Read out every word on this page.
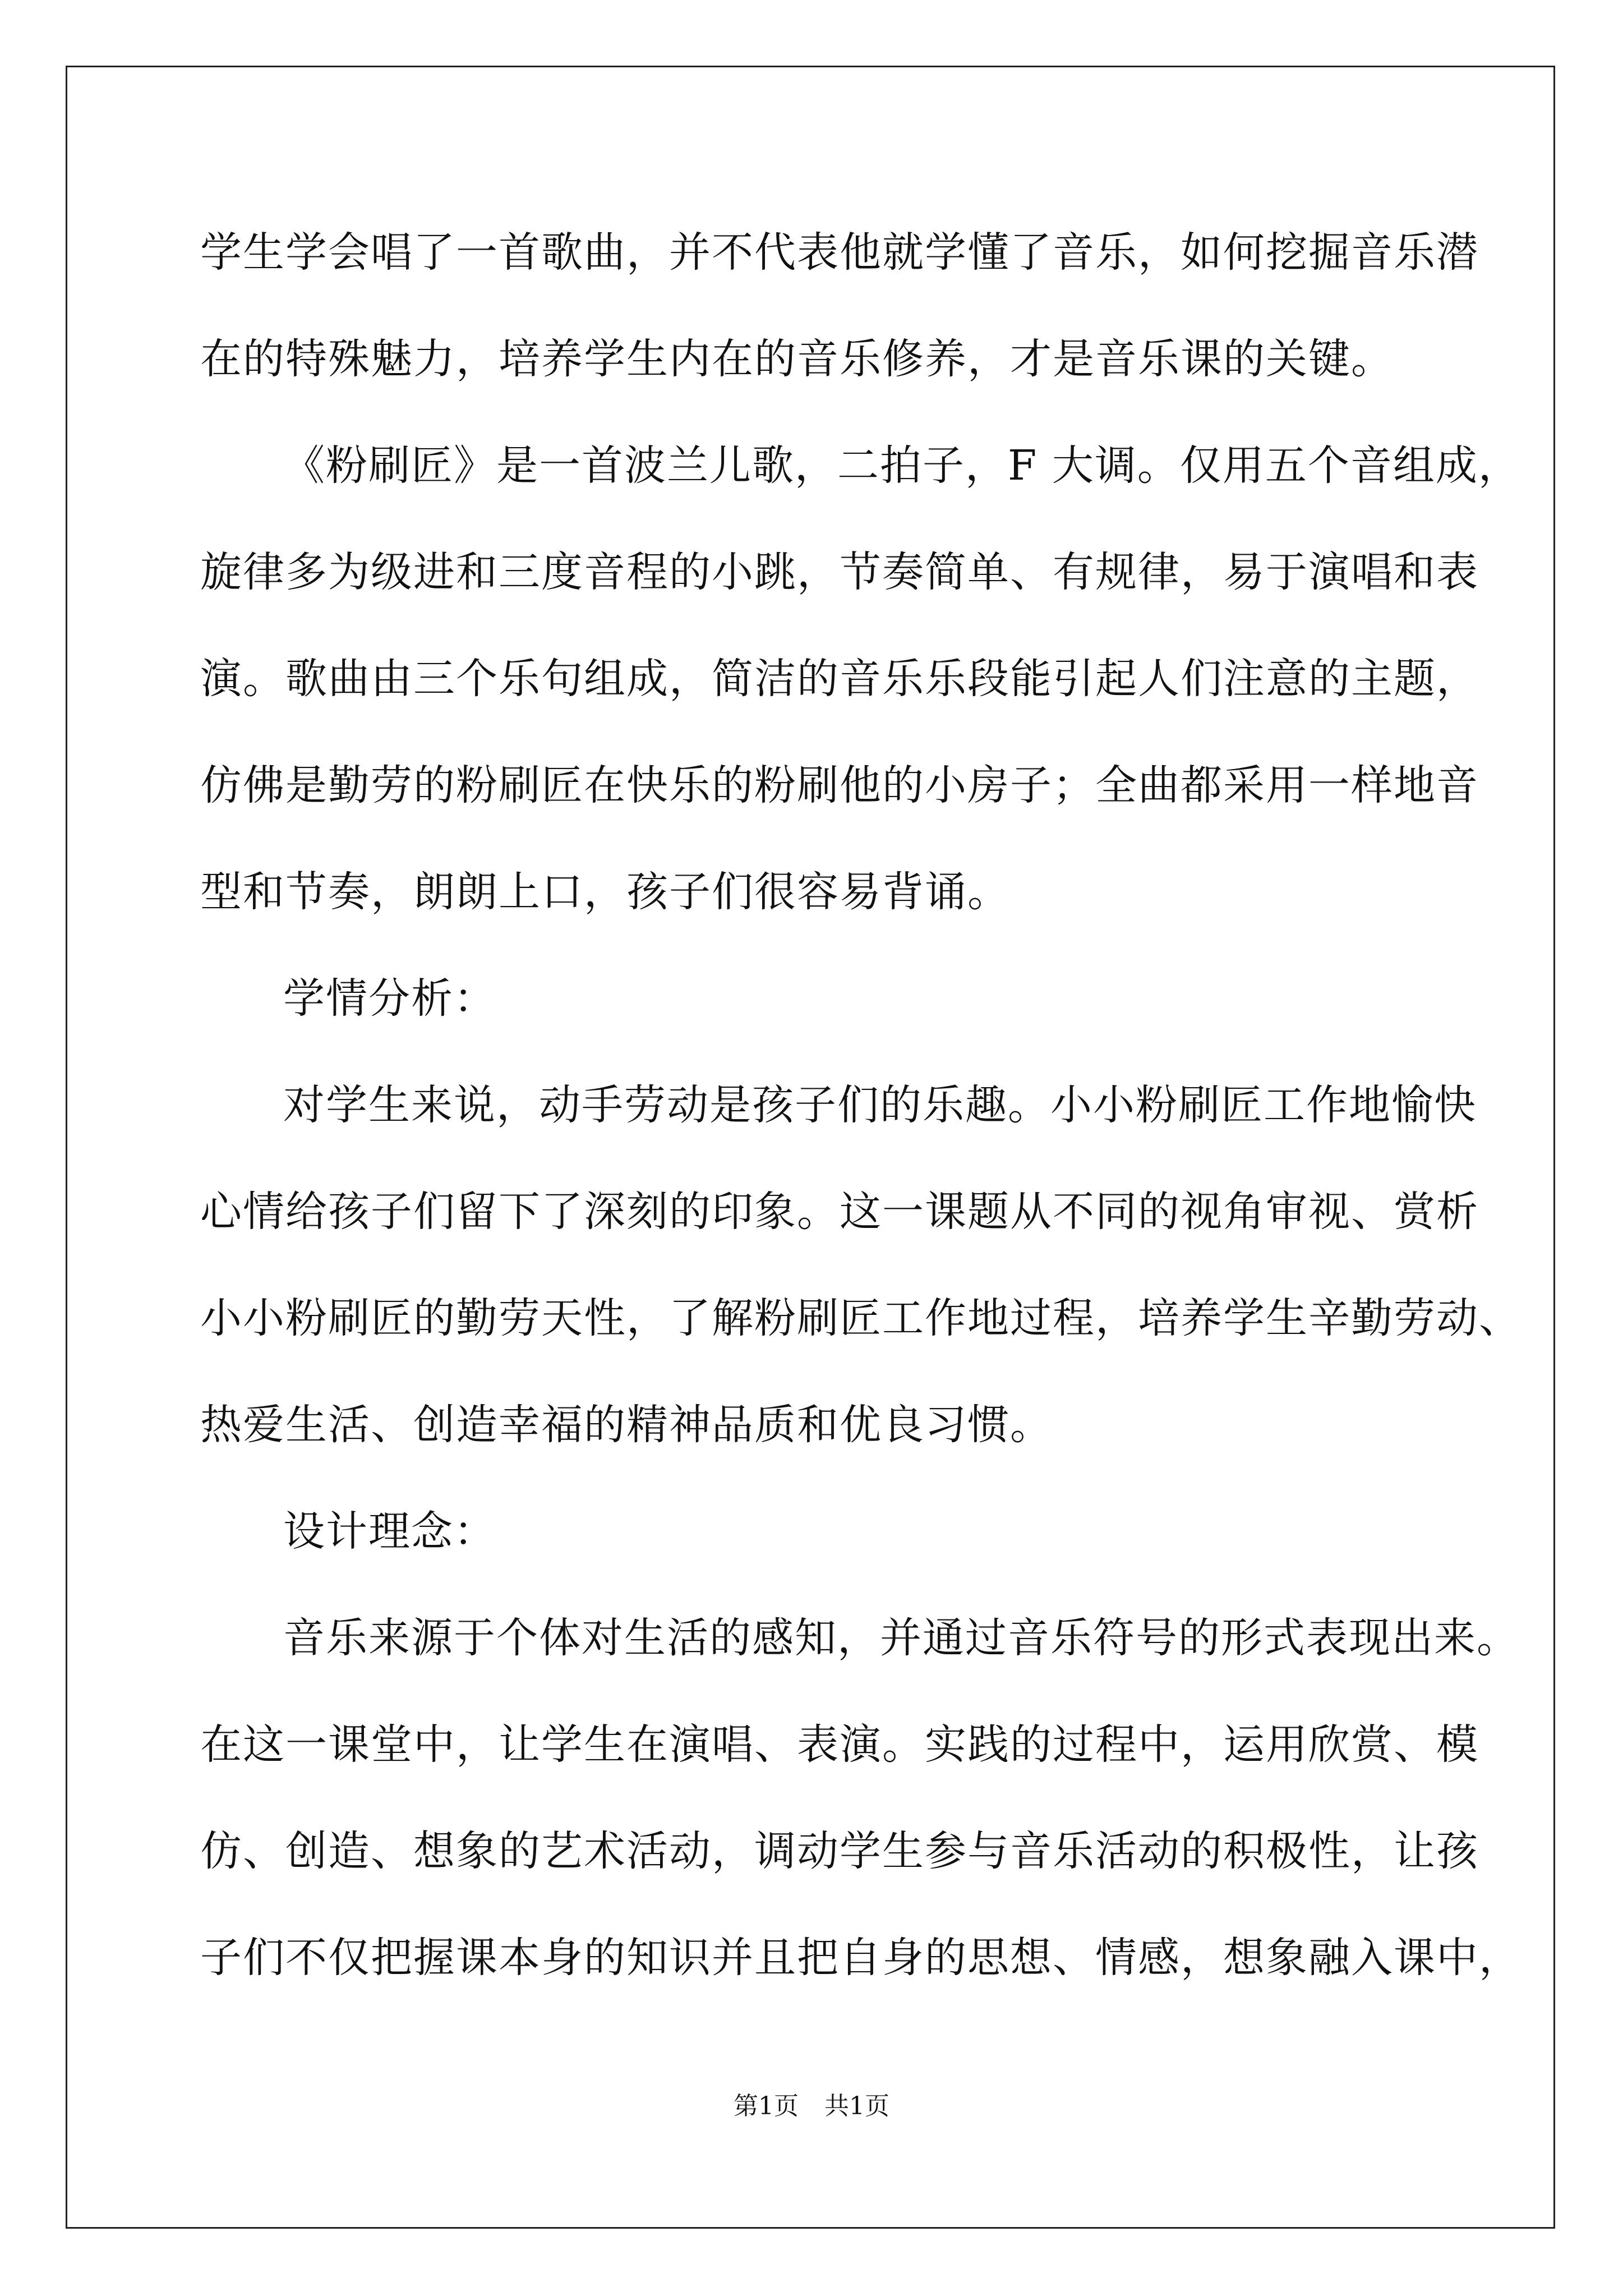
学生学会唱了一首歌曲，并不代表他就学懂了音乐，如何挖掘音乐潜
在的特殊魅力，培养学生内在的音乐修养，才是音乐课的关键。
《粉刷匠》是一首波兰儿歌，二拍子，F 大调。仅用五个音组成，
旋律多为级进和三度音程的小跳，节奏简单、有规律，易于演唱和表
演。歌曲由三个乐句组成，简洁的音乐乐段能引起人们注意的主题，
仿佛是勤劳的粉刷匠在快乐的粉刷他的小房子；全曲都采用一样地音
型和节奏，朗朗上口，孩子们很容易背诵。
学情分析：
对学生来说，动手劳动是孩子们的乐趣。小小粉刷匠工作地愉快
心情给孩子们留下了深刻的印象。这一课题从不同的视角审视、赏析
小小粉刷匠的勤劳天性，了解粉刷匠工作地过程，培养学生辛勤劳动、
热爱生活、创造幸福的精神品质和优良习惯。
设计理念：
音乐来源于个体对生活的感知，并通过音乐符号的形式表现出来。
在这一课堂中，让学生在演唱、表演。实践的过程中，运用欣赏、模
仿、创造、想象的艺术活动，调动学生参与音乐活动的积极性，让孩
子们不仅把握课本身的知识并且把自身的思想、情感，想象融入课中，
第1页 共1页
